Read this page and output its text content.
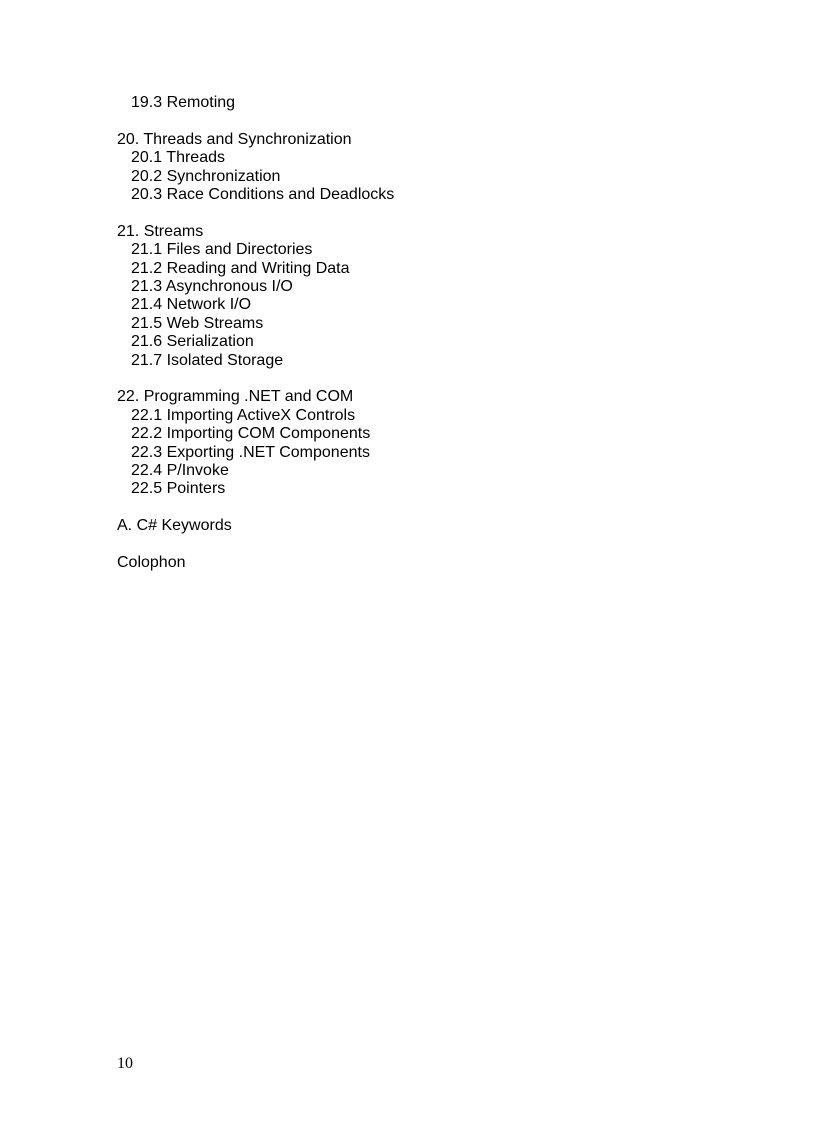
19.3 Remoting
20. Threads and Synchronization
20.1 Threads
20.2 Synchronization
20.3 Race Conditions and Deadlocks
21. Streams
21.1 Files and Directories
21.2 Reading and Writing Data
21.3 Asynchronous I/O
21.4 Network I/O
21.5 Web Streams
21.6 Serialization
21.7 Isolated Storage
22. Programming .NET and COM
22.1 Importing ActiveX Controls
22.2 Importing COM Components
22.3 Exporting .NET Components
22.4 P/Invoke
22.5 Pointers
A. C# Keywords
Colophon
10
